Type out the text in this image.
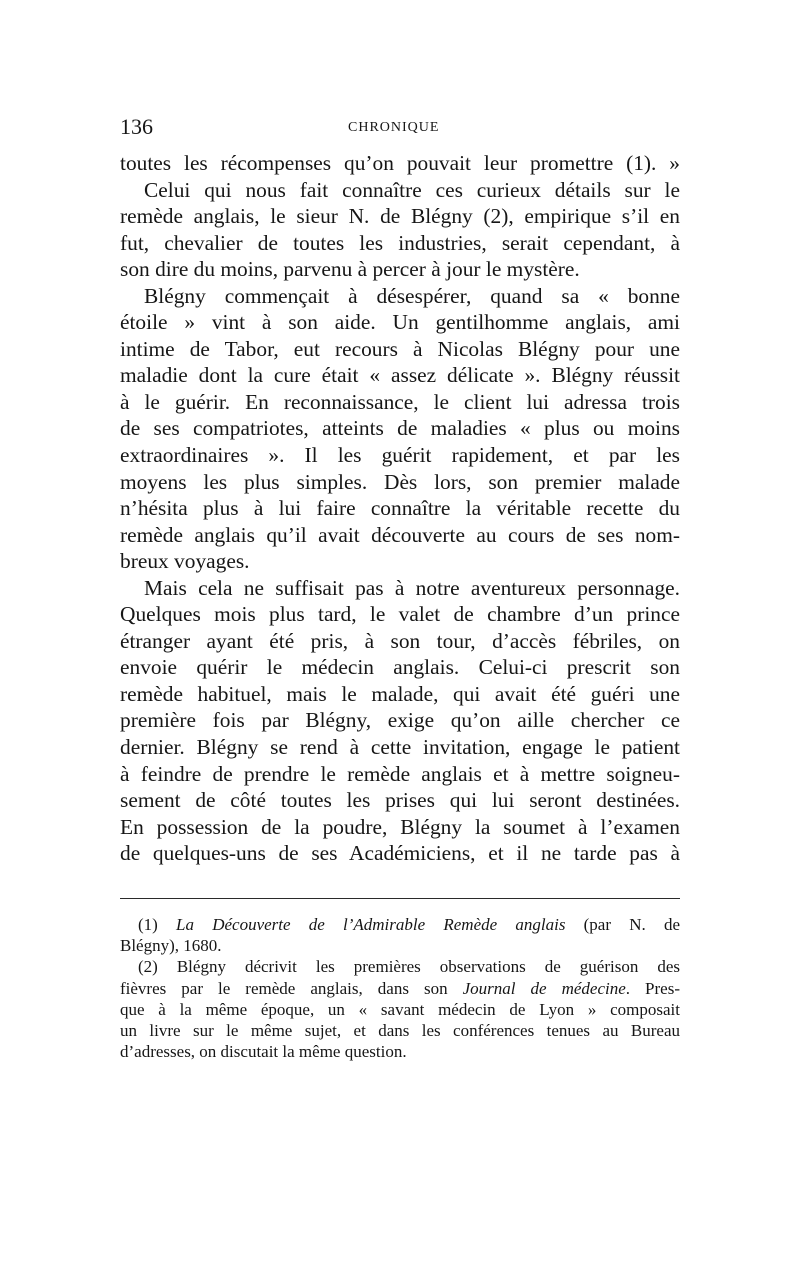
136	CHRONIQUE
toutes les récompenses qu’on pouvait leur promettre (1). »
Celui qui nous fait connaître ces curieux détails sur le
remède anglais, le sieur N. de Blégny (2), empirique s’il en
fut, chevalier de toutes les industries, serait cependant, à
son dire du moins, parvenu à percer à jour le mystère.
Blégny commençait à désespérer, quand sa « bonne
étoile » vint à son aide. Un gentilhomme anglais, ami
intime de Tabor, eut recours à Nicolas Blégny pour une
maladie dont la cure était « assez délicate ». Blégny réussit
à le guérir. En reconnaissance, le client lui adressa trois
de ses compatriotes, atteints de maladies « plus ou moins
extraordinaires ». Il les guérit rapidement, et par les
moyens les plus simples. Dès lors, son premier malade
n’hésita plus à lui faire connaître la véritable recette du
remède anglais qu’il avait découverte au cours de ses nom-
breux voyages.
Mais cela ne suffisait pas à notre aventureux personnage.
Quelques mois plus tard, le valet de chambre d’un prince
étranger ayant été pris, à son tour, d’accès fébriles, on
envoie quérir le médecin anglais. Celui-ci prescrit son
remède habituel, mais le malade, qui avait été guéri une
première fois par Blégny, exige qu’on aille chercher ce
dernier. Blégny se rend à cette invitation, engage le patient
à feindre de prendre le remède anglais et à mettre soigneu-
sement de côté toutes les prises qui lui seront destinées.
En possession de la poudre, Blégny la soumet à l’examen
de quelques-uns de ses Académiciens, et il ne tarde pas à
(1) La Découverte de l’Admirable Remède anglais (par N. de
Blégny), 1680.
(2) Blégny décrivit les premières observations de guérison des
fièvres par le remède anglais, dans son Journal de médecine. Pres-
que à la même époque, un « savant médecin de Lyon » composait
un livre sur le même sujet, et dans les conférences tenues au Bureau
d’adresses, on discutait la même question.
